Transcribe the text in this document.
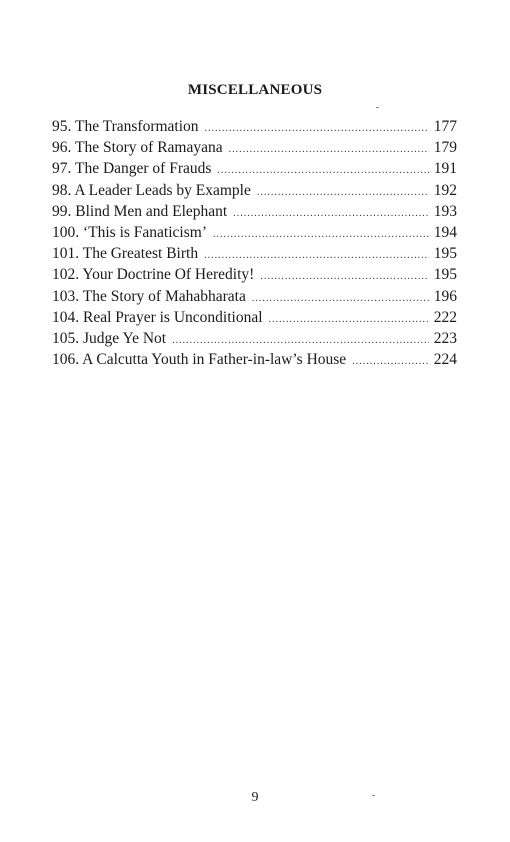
MISCELLANEOUS
95. The Transformation .....	177
96. The Story of Ramayana .....	179
97. The Danger of Frauds .....	191
98. A Leader Leads by Example .....	192
99. Blind Men and Elephant .....	193
100. ‘This is Fanaticism’ .....	194
101. The Greatest Birth .....	195
102. Your Doctrine Of Heredity! .....	195
103. The Story of Mahabharata .....	196
104. Real Prayer is Unconditional .....	222
105. Judge Ye Not .....	223
106. A Calcutta Youth in Father-in-law’s House .....	224
9
